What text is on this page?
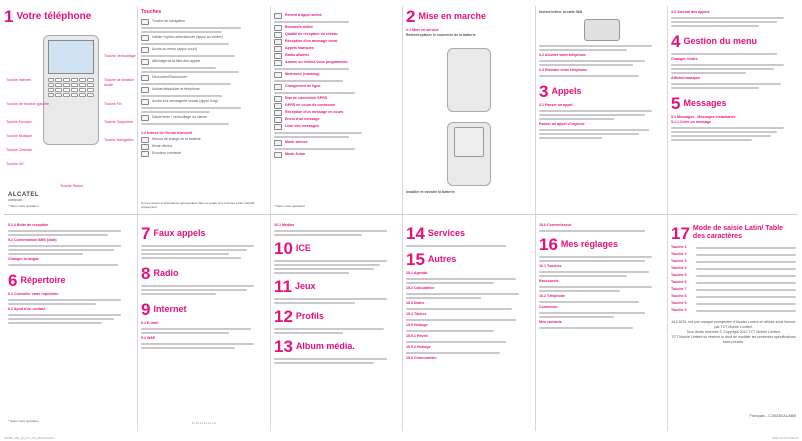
1 Votre téléphone
Touche Internet
Touche de fonction gauche
Touche Envoyer
Touche Musique
Touche Centrale
Touche OK
Touche Verrouillage
Touche de fonction droite
Touche Fin
Touche Supprimer
Touche Navigation
Touche Retour
ALCATEL
onetouch
* Selon votre opérateur
Touches
Touche de navigation
Valider l'option sélectionnée (appui au centre)
Accès au menu (appui court)
Affichage de la liste des appels
Décrocher/Raccrocher
Activer/désactiver le téléphone
Accès à la messagerie vocale (appui long)
Saisie texte / verrouillage du clavier
1.2 Icônes de l'écran d'accueil
Niveau de charge de la batterie
Mode vibreur
Ecouteur connecté
(1) Les icônes et illustrations représentées dans ce guide sont fournies à titre indicatif uniquement.
Renvoi d'appel activé
Bluetooth activé
Qualité de réception du réseau
Réception d'un message vocal
Appels manqués
Radio allumée
Alarme ou rendez-vous programmés
Itinérance (roaming)
Chargement de ligne
Etat de connexion GPRS
GPRS en cours de connexion
Réception d'un message en cours
Envoi d'un message
Liste des messages
Mode silence
Mode Avion
* Selon votre opérateur
2 Mise en marche
2.1 Mise en service
Retirer/replacer le couvercle de la batterie
Installer et extraire la batterie
Insérer/retirer la carte SIM
2.2 Allumer votre téléphone
2.3 Eteindre votre téléphone
3 Appels
3.1 Passer un appel
Passer un appel d'urgence
3.2 Journal des appels
4 Gestion du menu
Changer l'ordre
Afficher/masquer
5 Messages
5.1 Messages - Messages instantanés
5.1.1 Créer un message
5.1.2 Boîte de réception
5.2 Conversation SMS (chat)
Changer la langue
6 Répertoire
6.1 Consulter votre répertoire
6.2 Ajout d'un contact
* Selon votre opérateur
7 Faux appels
8 Radio
9 Internet
9.1 E-mail
9.2 WAP
41 16 11 12 13 14
10.1 Médias
10 ICE
11 Jeux
12 Profils
13 Album média.
14 Services
15 Autres
15.1 Agenda
15.2 Calculatrice
15.3 Notes
15.4 Tâches
15.5 Horloge
15.5.1 Réveil
15.5.2 Horloge
15.6 Chronomètre
15.6 Convertisseur
16 Mes réglages
16.1 Touches
Raccourcis
16.2 Téléphone
Connexion
Mes contacts
17 Mode de saisie Latin/ Table des caractères
Touche 1
Touche 2
Touche 3
Touche 4
Touche 5
Touche 6
Touche 7
Touche 8
Touche 9
Touche 0
ALCATEL est une marque enregistrée d'Alcatel-Lucent et utilisée sous licence par TCT Mobile Limited.
Tous droits réservés © Copyright 2010 TCT Mobile Limited.
TCT Mobile Limited se réserve le droit de modifier les présentes spécifications sans préavis.
Français - CJB33EALABB
IP2650_300_QG_Fre_08_101019.indd 1	2010-10-19 10:58:42
